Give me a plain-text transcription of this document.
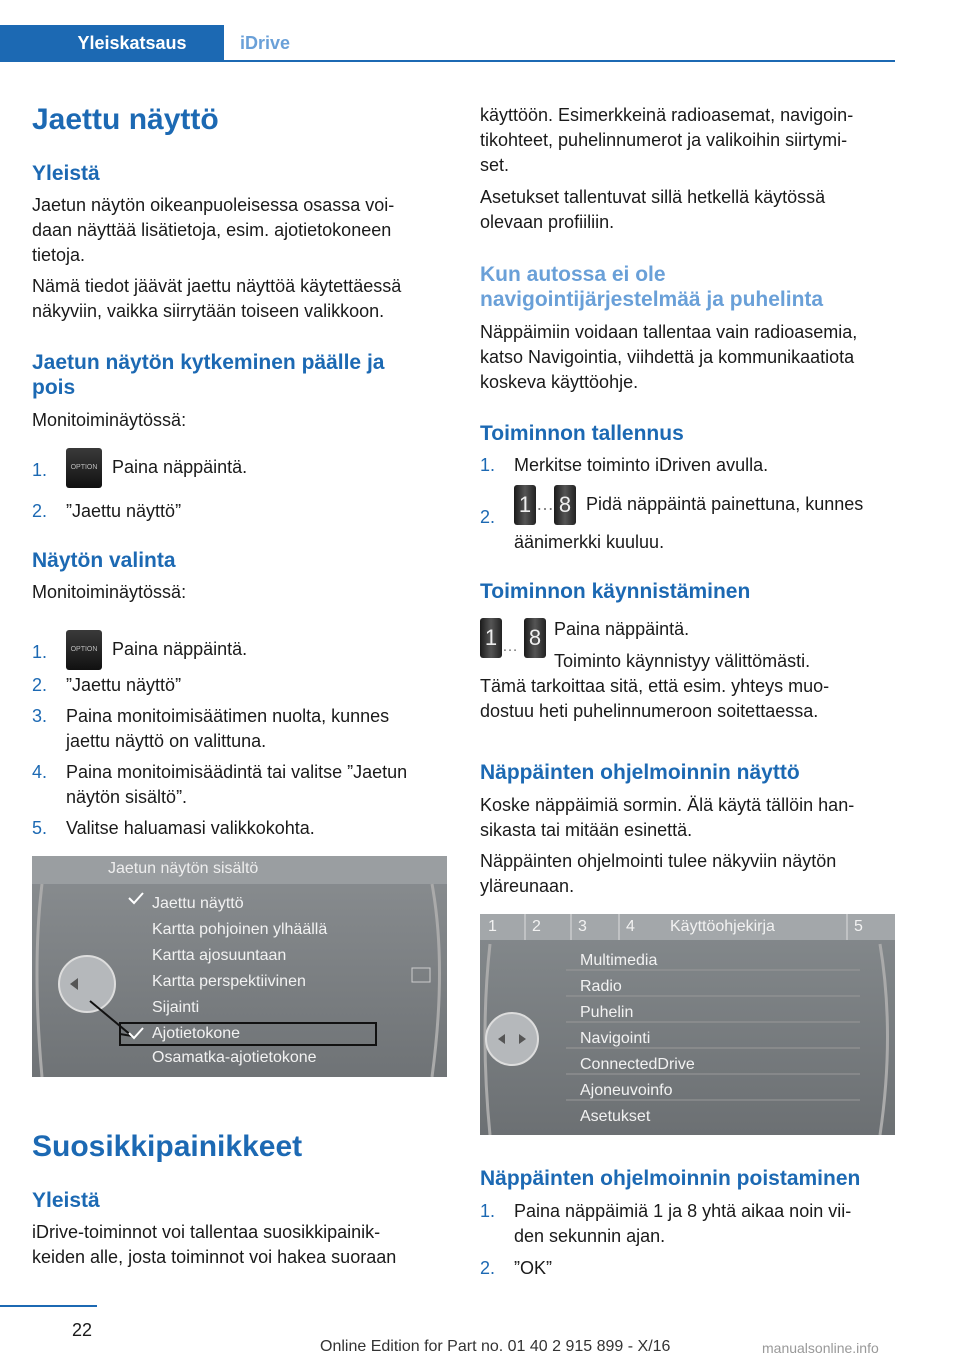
Yleiskatsaus	iDrive
Jaettu näyttö
Yleistä

Jaetun näytön oikeanpuoleisessa osassa voi-

daan näyttää lisätietoja, esim. ajotietokoneen

tietoja.

Nämä tiedot jäävät jaettu näyttöä käytettäessä

näkyviin, vaikka siirrytään toiseen valikkoon.

Jaetun näytön kytkeminen päälle ja
pois

Monitoiminäytössä:

1.	OPTION Paina näppäintä.
2. ”Jaettu näyttö”
Näytön valinta

Monitoiminäytössä:

1.	OPTION Paina näppäintä.
2. ”Jaettu näyttö”
3. Paina monitoimisäätimen nuolta, kunnes
jaettu näyttö on valittuna.
4. Paina monitoimisäädintä tai valitse ”Jaetun
näytön sisältö”.
5. Valitse haluamasi valikkokohta.
Jaetun näytön sisältö
Jaettu näyttö
Kartta pohjoinen ylhäällä
Kartta ajosuuntaan
Kartta perspektiivinen
Sijainti
Ajotietokone
Osamatka-ajotietokone
Suosikkipainikkeet
Yleistä

iDrive-toiminnot voi tallentaa suosikkipainik-

keiden alle, josta toiminnot voi hakea suoraan

käyttöön. Esimerkkeinä radioasemat, navigoin-

tikohteet, puhelinnumerot ja valikoihin siirtymi-

set.

Asetukset tallentuvat sillä hetkellä käytössä

olevaan profiiliin.

Kun autossa ei ole
navigointijärjestelmää ja puhelinta

Näppäimiin voidaan tallentaa vain radioasemia,

katso Navigointia, viihdettä ja kommunikaatiota

koskeva käyttöohje.

Toiminnon tallennus
1. Merkitse toiminto iDriven avulla.
2. 1 … 8 Pidä näppäintä painettuna, kunnes
äänimerkki kuuluu.
Toiminnon käynnistäminen
1 … 8 Paina näppäintä.

Toiminto käynnistyy välittömästi.

Tämä tarkoittaa sitä, että esim. yhteys muo-

dostuu heti puhelinnumeroon soitettaessa.

Näppäinten ohjelmoinnin näyttö

Koske näppäimiä sormin. Älä käytä tällöin han-

sikasta tai mitään esinettä.

Näppäinten ohjelmointi tulee näkyviin näytön

yläreunaan.

1 2 3 4 Käyttöohjekirja	5
Multimedia
Radio
Puhelin
Navigointi
ConnectedDrive
Ajoneuvoinfo
Asetukset
Näppäinten ohjelmoinnin poistaminen
1. Paina näppäimiä 1 ja 8 yhtä aikaa noin vii-
den sekunnin ajan.
2. ”OK”
22
Online Edition for Part no. 01 40 2 915 899 - X/16	manualsonline.info
